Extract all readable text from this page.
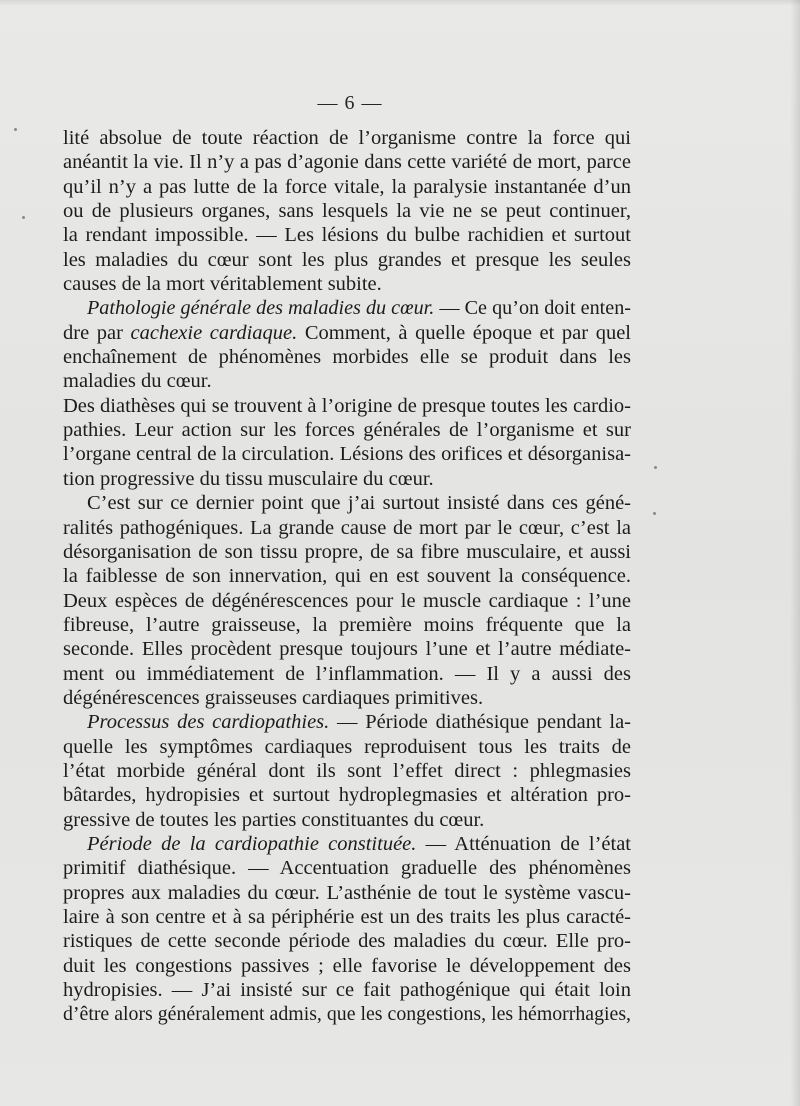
— 6 —
lité absolue de toute réaction de l’organisme contre la force qui
anéantit la vie. Il n’y a pas d’agonie dans cette variété de mort, parce
qu’il n’y a pas lutte de la force vitale, la paralysie instantanée d’un
ou de plusieurs organes, sans lesquels la vie ne se peut continuer,
la rendant impossible. — Les lésions du bulbe rachidien et surtout
les maladies du cœur sont les plus grandes et presque les seules
causes de la mort véritablement subite.
Pathologie générale des maladies du cœur. — Ce qu’on doit enten-
dre par cachexie cardiaque. Comment, à quelle époque et par quel
enchaînement de phénomènes morbides elle se produit dans les
maladies du cœur.
Des diathèses qui se trouvent à l’origine de presque toutes les cardio-
pathies. Leur action sur les forces générales de l’organisme et sur
l’organe central de la circulation. Lésions des orifices et désorganisa-
tion progressive du tissu musculaire du cœur.
C’est sur ce dernier point que j’ai surtout insisté dans ces géné-
ralités pathogéniques. La grande cause de mort par le cœur, c’est la
désorganisation de son tissu propre, de sa fibre musculaire, et aussi
la faiblesse de son innervation, qui en est souvent la conséquence.
Deux espèces de dégénérescences pour le muscle cardiaque : l’une
fibreuse, l’autre graisseuse, la première moins fréquente que la
seconde. Elles procèdent presque toujours l’une et l’autre médiate-
ment ou immédiatement de l’inflammation. — Il y a aussi des
dégénérescences graisseuses cardiaques primitives.
Processus des cardiopathies. — Période diathésique pendant la-
quelle les symptômes cardiaques reproduisent tous les traits de
l’état morbide général dont ils sont l’effet direct : phlegmasies
bâtardes, hydropisies et surtout hydroplegmasies et altération pro-
gressive de toutes les parties constituantes du cœur.
Période de la cardiopathie constituée. — Atténuation de l’état
primitif diathésique. — Accentuation graduelle des phénomènes
propres aux maladies du cœur. L’asthénie de tout le système vascu-
laire à son centre et à sa périphérie est un des traits les plus caracté-
ristiques de cette seconde période des maladies du cœur. Elle pro-
duit les congestions passives ; elle favorise le développement des
hydropisies. — J’ai insisté sur ce fait pathogénique qui était loin
d’être alors généralement admis, que les congestions, les hémorrhagies,
